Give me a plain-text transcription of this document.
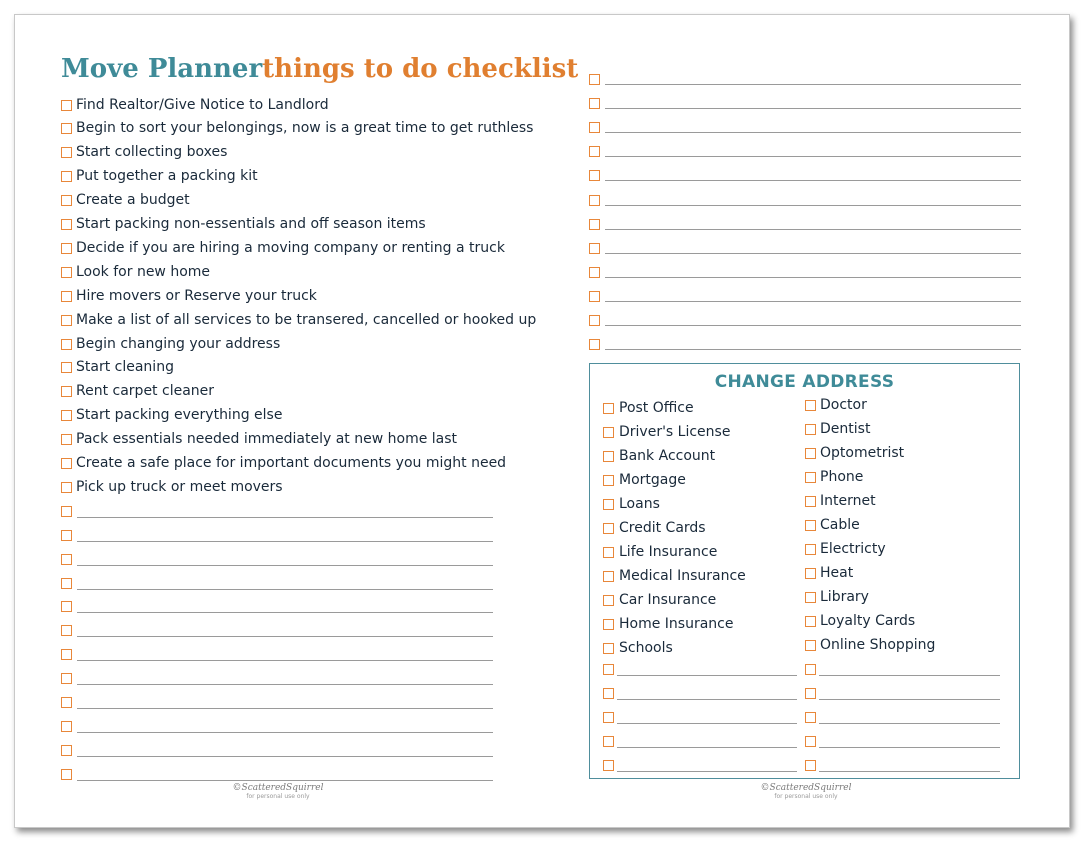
Move Plannerthings to do checklist
Find Realtor/Give Notice to Landlord
Begin to sort your belongings, now is a great time to get ruthless
Start collecting boxes
Put together a packing kit
Create a budget
Start packing non-essentials and off season items
Decide if you are hiring a moving company or renting a truck
Look for new home
Hire movers or Reserve your truck
Make a list of all services to be transered, cancelled or hooked up
Begin changing your address
Start cleaning
Rent carpet cleaner
Start packing everything else
Pack essentials needed immediately at new home last
Create a safe place for important documents you might need
Pick up truck or meet movers
CHANGE ADDRESS
Post Office
Driver's License
Bank Account
Mortgage
Loans
Credit Cards
Life Insurance
Medical Insurance
Car Insurance
Home Insurance
Schools
Doctor
Dentist
Optometrist
Phone
Internet
Cable
Electricty
Heat
Library
Loyalty Cards
Online Shopping
©ScatteredSquirrel
for personal use only
©ScatteredSquirrel
for personal use only
